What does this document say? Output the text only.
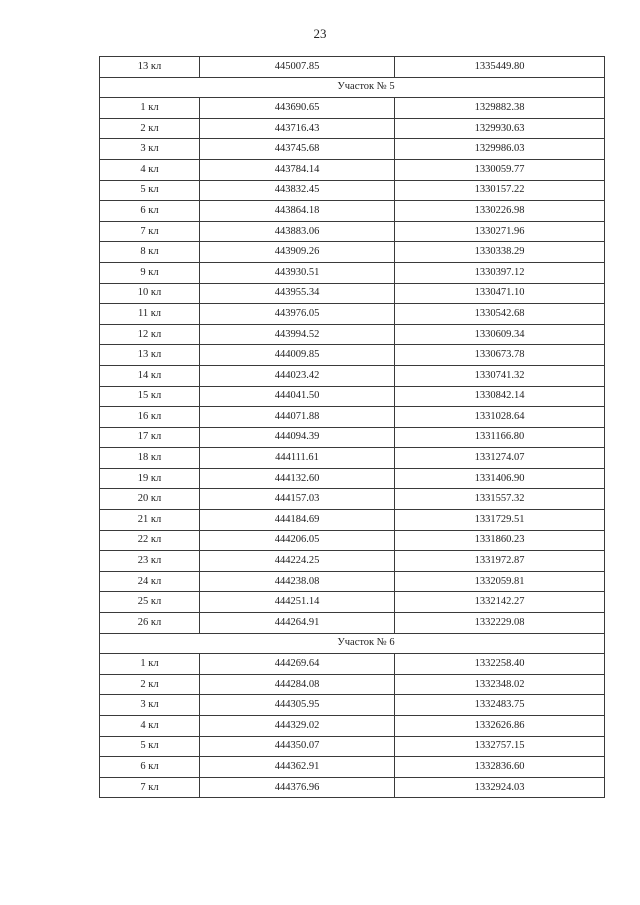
23
13 кл	445007.85	1335449.80
Участок № 5		
1 кл	443690.65	1329882.38
2 кл	443716.43	1329930.63
3 кл	443745.68	1329986.03
4 кл	443784.14	1330059.77
5 кл	443832.45	1330157.22
6 кл	443864.18	1330226.98
7 кл	443883.06	1330271.96
8 кл	443909.26	1330338.29
9 кл	443930.51	1330397.12
10 кл	443955.34	1330471.10
11 кл	443976.05	1330542.68
12 кл	443994.52	1330609.34
13 кл	444009.85	1330673.78
14 кл	444023.42	1330741.32
15 кл	444041.50	1330842.14
16 кл	444071.88	1331028.64
17 кл	444094.39	1331166.80
18 кл	444111.61	1331274.07
19 кл	444132.60	1331406.90
20 кл	444157.03	1331557.32
21 кл	444184.69	1331729.51
22 кл	444206.05	1331860.23
23 кл	444224.25	1331972.87
24 кл	444238.08	1332059.81
25 кл	444251.14	1332142.27
26 кл	444264.91	1332229.08
Участок № 6		
1 кл	444269.64	1332258.40
2 кл	444284.08	1332348.02
3 кл	444305.95	1332483.75
4 кл	444329.02	1332626.86
5 кл	444350.07	1332757.15
6 кл	444362.91	1332836.60
7 кл	444376.96	1332924.03
